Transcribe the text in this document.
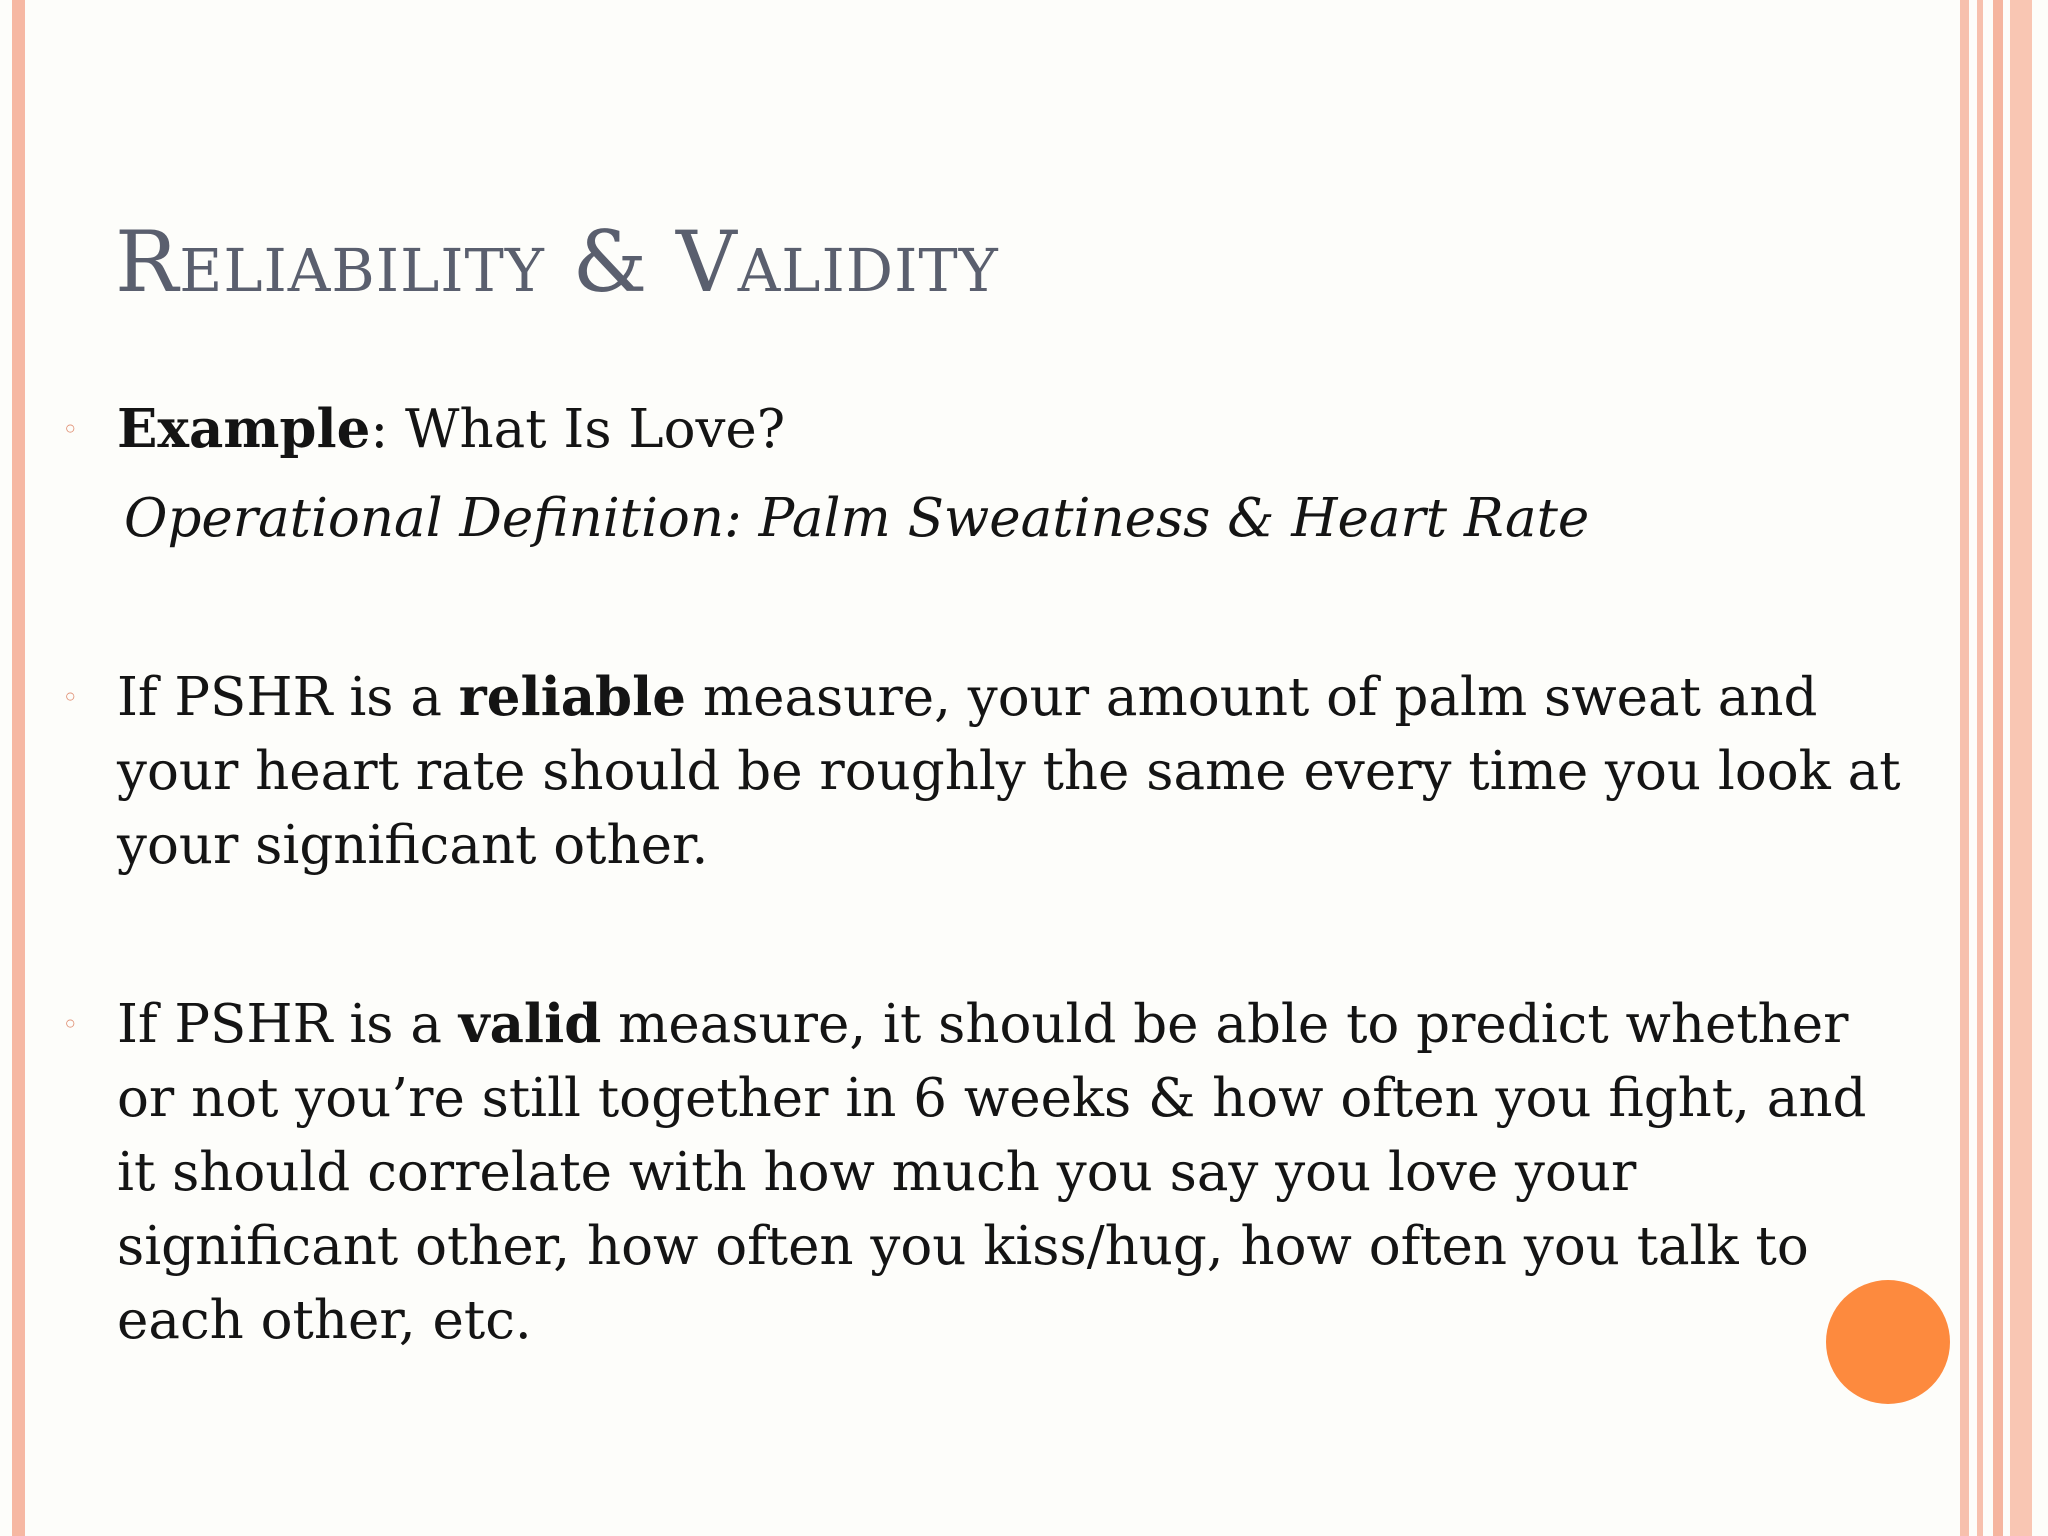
Reliability & Validity
◦ Example: What Is Love?
Operational Definition: Palm Sweatiness & Heart Rate
◦ If PSHR is a reliable measure, your amount of palm sweat and your heart rate should be roughly the same every time you look at your significant other.
◦ If PSHR is a valid measure, it should be able to predict whether or not you’re still together in 6 weeks & how often you fight, and it should correlate with how much you say you love your significant other, how often you kiss/hug, how often you talk to each other, etc.
